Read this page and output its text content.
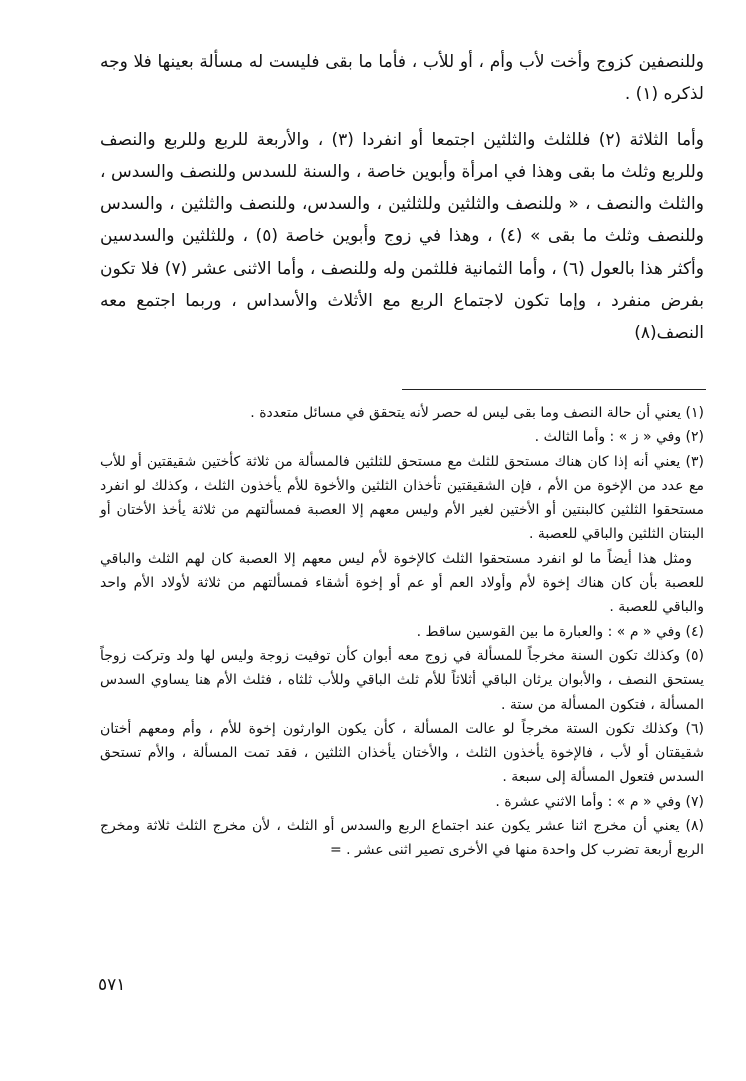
وللنصفين كزوج وأخت لأب وأم ، أو للأب ، فأما ما بقى فليست له مسألة بعينها فلا وجه لذكره (١) .

وأما الثلاثة (٢) فللثلث والثلثين اجتمعا أو انفردا (٣) ، والأربعة للربع وللربع والنصف وللربع وثلث ما بقى وهذا في امرأة وأبوين خاصة ، والسنة للسدس وللنصف والسدس ، والثلث والنصف ، « وللنصف والثلثين وللثلثين ، والسدس، وللنصف والثلثين ، والسدس وللنصف وثلث ما بقى » (٤) ، وهذا في زوج وأبوين خاصة (٥) ، وللثلثين والسدسين وأكثر هذا بالعول (٦) ، وأما الثمانية فللثمن وله وللنصف ، وأما الاثنى عشر (٧) فلا تكون بفرض منفرد ، وإما تكون لاجتماع الربع مع الأثلاث والأسداس ، وربما اجتمع معه النصف(٨)

(١) يعني أن حالة النصف وما بقى ليس له حصر لأنه يتحقق في مسائل متعددة .

(٢) وفي « ز » : وأما الثالث .

(٣) يعني أنه إذا كان هناك مستحق للثلث مع مستحق للثلثين فالمسألة من ثلاثة كأختين شقيقتين أو للأب مع عدد من الإخوة من الأم ، فإن الشقيقتين تأخذان الثلثين والأخوة للأم يأخذون الثلث ، وكذلك لو انفرد مستحقوا الثلثين كالبنتين أو الأختين لغير الأم وليس معهم إلا العصبة فمسألتهم من ثلاثة يأخذ الأختان أو البنتان الثلثين والباقي للعصبة .

ومثل هذا أيضاً ما لو انفرد مستحقوا الثلث كالإخوة لأم ليس معهم إلا العصبة كان لهم الثلث والباقي للعصبة بأن كان هناك إخوة لأم وأولاد العم أو عم أو إخوة أشقاء فمسألتهم من ثلاثة لأولاد الأم واحد والباقي للعصبة .

(٤) وفي « م » : والعبارة ما بين القوسين ساقط .

(٥) وكذلك تكون السنة مخرجاً للمسألة في زوج معه أبوان كأن توفيت زوجة وليس لها ولد وتركت زوجاً يستحق النصف ، والأبوان يرثان الباقي أثلاثاً للأم ثلث الباقي وللأب ثلثاه ، فثلث الأم هنا يساوي السدس المسألة ، فتكون المسألة من ستة .

(٦) وكذلك تكون الستة مخرجاً لو عالت المسألة ، كأن يكون الوارثون إخوة للأم ، وأم ومعهم أختان شقيقتان أو لأب ، فالإخوة يأخذون الثلث ، والأختان يأخذان الثلثين ، فقد تمت المسألة ، والأم تستحق السدس فتعول المسألة إلى سبعة .

(٧) وفي « م » : وأما الاثني عشرة .

(٨) يعني أن مخرج اثنا عشر يكون عند اجتماع الربع والسدس أو الثلث ، لأن مخرج الثلث ثلاثة ومخرج الربع أربعة تضرب كل واحدة منها في الأخرى تصير اثنى عشر . =

٥٧١
